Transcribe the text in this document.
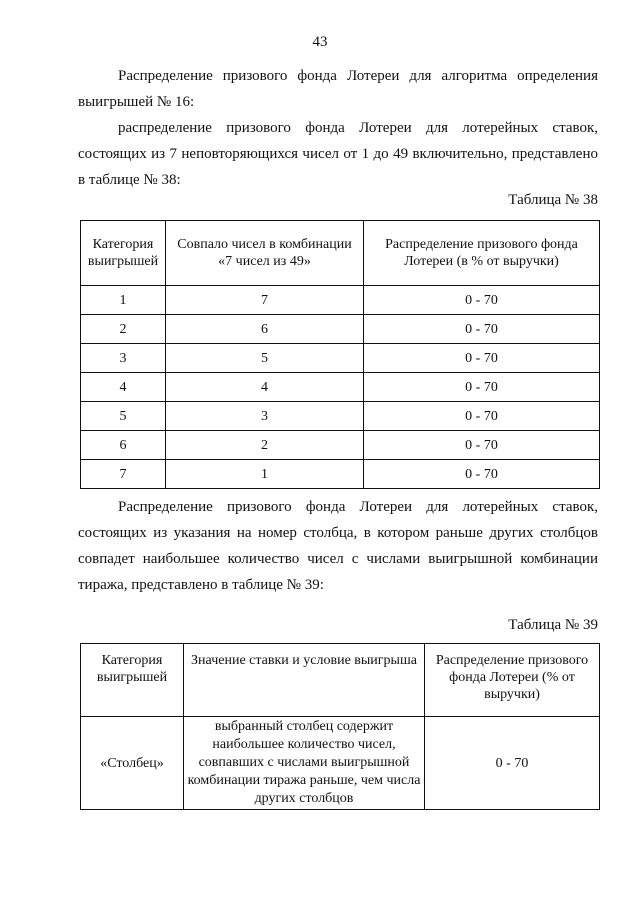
43

Распределение призового фонда Лотереи для алгоритма определения выигрышей № 16:

распределение призового фонда Лотереи для лотерейных ставок, состоящих из 7 неповторяющихся чисел от 1 до 49 включительно, представлено в таблице № 38:

Таблица № 38
Категория выигрышей	Совпало чисел в комбинации «7 чисел из 49»	Распределение призового фонда Лотереи (в % от выручки)
1	7	0 - 70
2	6	0 - 70
3	5	0 - 70
4	4	0 - 70
5	3	0 - 70
6	2	0 - 70
7	1	0 - 70

Распределение призового фонда Лотереи для лотерейных ставок, состоящих из указания на номер столбца, в котором раньше других столбцов совпадет наибольшее количество чисел с числами выигрышной комбинации тиража, представлено в таблице № 39:

Таблица № 39
Категория выигрышей	Значение ставки и условие выигрыша	Распределение призового фонда Лотереи (% от выручки)
«Столбец»	выбранный столбец содержит наибольшее количество чисел, совпавших с числами выигрышной комбинации тиража раньше, чем числа других столбцов	0 - 70
